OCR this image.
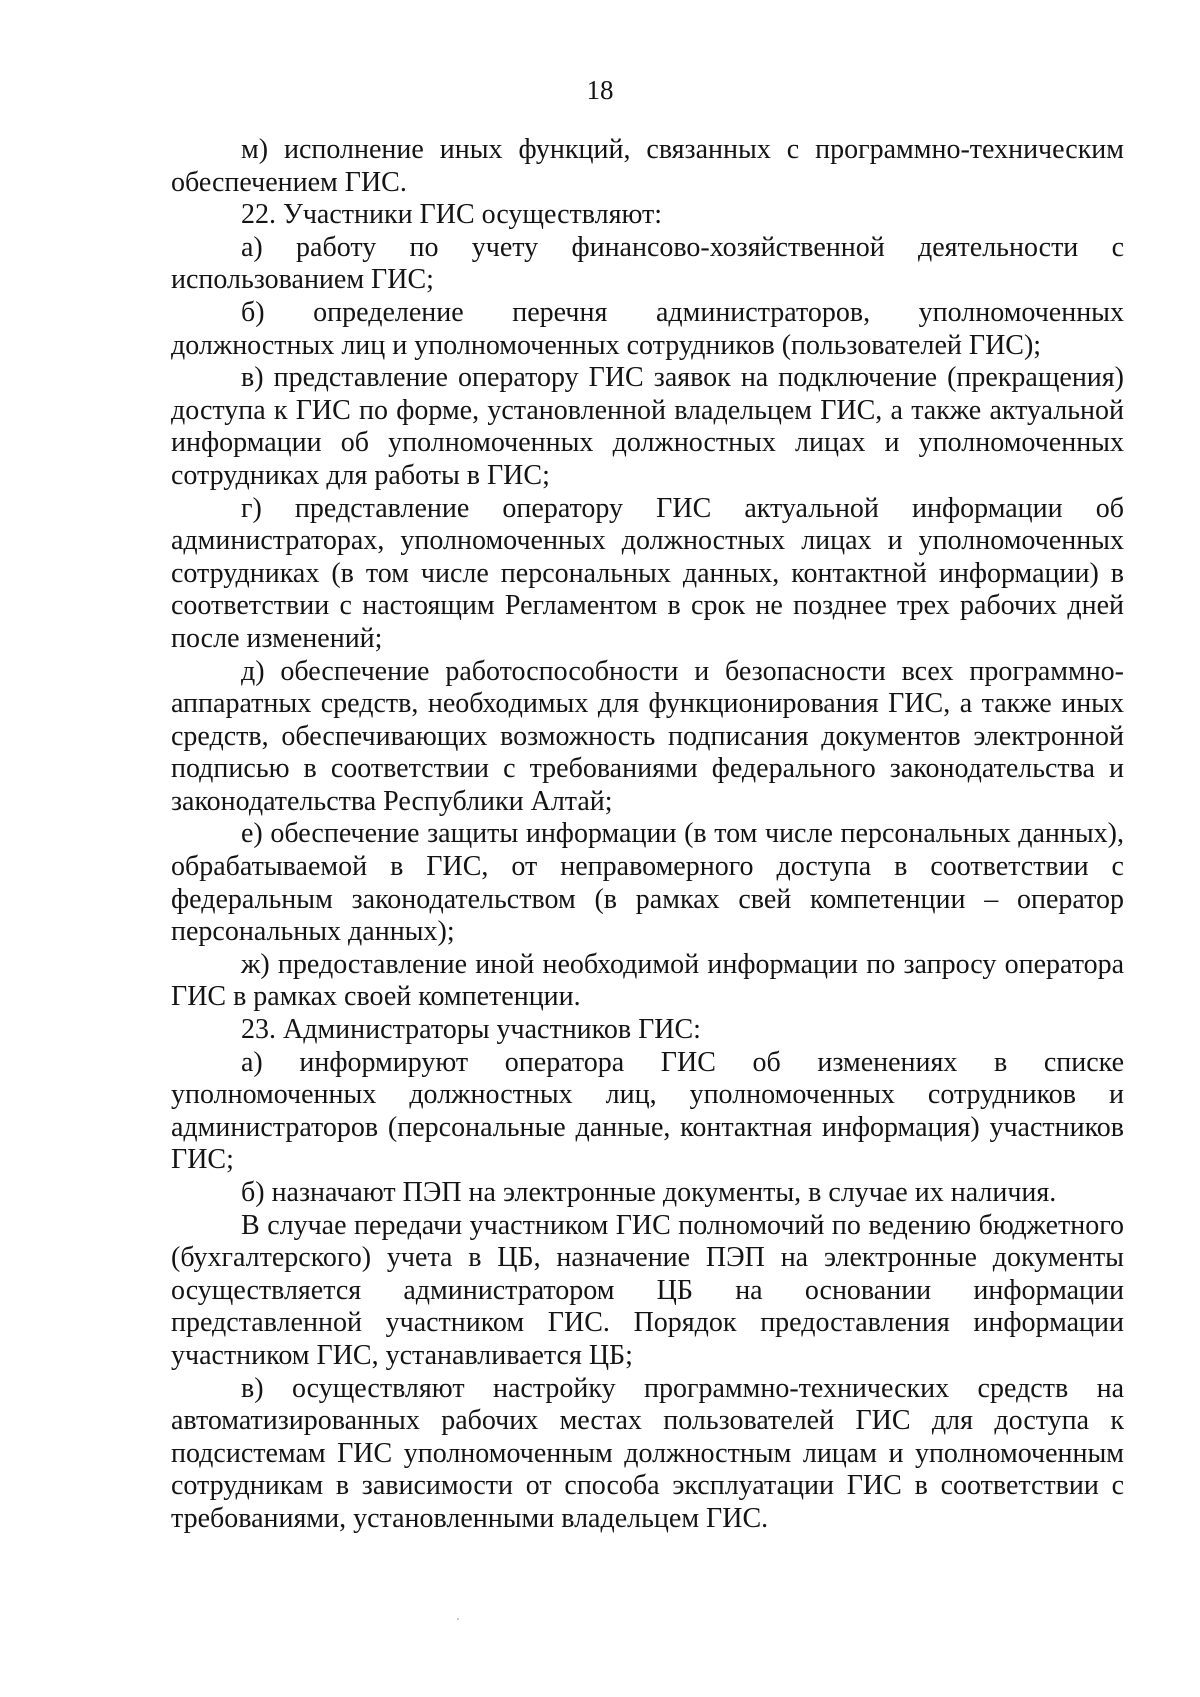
18

м) исполнение иных функций, связанных с программно-техническим обеспечением ГИС.

22. Участники ГИС осуществляют:

а) работу по учету финансово-хозяйственной деятельности с использованием ГИС;

б) определение перечня администраторов, уполномоченных должностных лиц и уполномоченных сотрудников (пользователей ГИС);

в) представление оператору ГИС заявок на подключение (прекращения) доступа к ГИС по форме, установленной владельцем ГИС, а также актуальной информации об уполномоченных должностных лицах и уполномоченных сотрудниках для работы в ГИС;

г) представление оператору ГИС актуальной информации об администраторах, уполномоченных должностных лицах и уполномоченных сотрудниках (в том числе персональных данных, контактной информации) в соответствии с настоящим Регламентом в срок не позднее трех рабочих дней после изменений;

д) обеспечение работоспособности и безопасности всех программно-аппаратных средств, необходимых для функционирования ГИС, а также иных средств, обеспечивающих возможность подписания документов электронной подписью в соответствии с требованиями федерального законодательства и законодательства Республики Алтай;

е) обеспечение защиты информации (в том числе персональных данных), обрабатываемой в ГИС, от неправомерного доступа в соответствии с федеральным законодательством (в рамках свей компетенции – оператор персональных данных);

ж) предоставление иной необходимой информации по запросу оператора ГИС в рамках своей компетенции.

23. Администраторы участников ГИС:

а) информируют оператора ГИС об изменениях в списке уполномоченных должностных лиц, уполномоченных сотрудников и администраторов (персональные данные, контактная информация) участников ГИС;

б) назначают ПЭП на электронные документы, в случае их наличия.

В случае передачи участником ГИС полномочий по ведению бюджетного (бухгалтерского) учета в ЦБ, назначение ПЭП на электронные документы осуществляется администратором ЦБ на основании информации представленной участником ГИС. Порядок предоставления информации участником ГИС, устанавливается ЦБ;

в) осуществляют настройку программно-технических средств на автоматизированных рабочих местах пользователей ГИС для доступа к подсистемам ГИС уполномоченным должностным лицам и уполномоченным сотрудникам в зависимости от способа эксплуатации ГИС в соответствии с требованиями, установленными владельцем ГИС.
